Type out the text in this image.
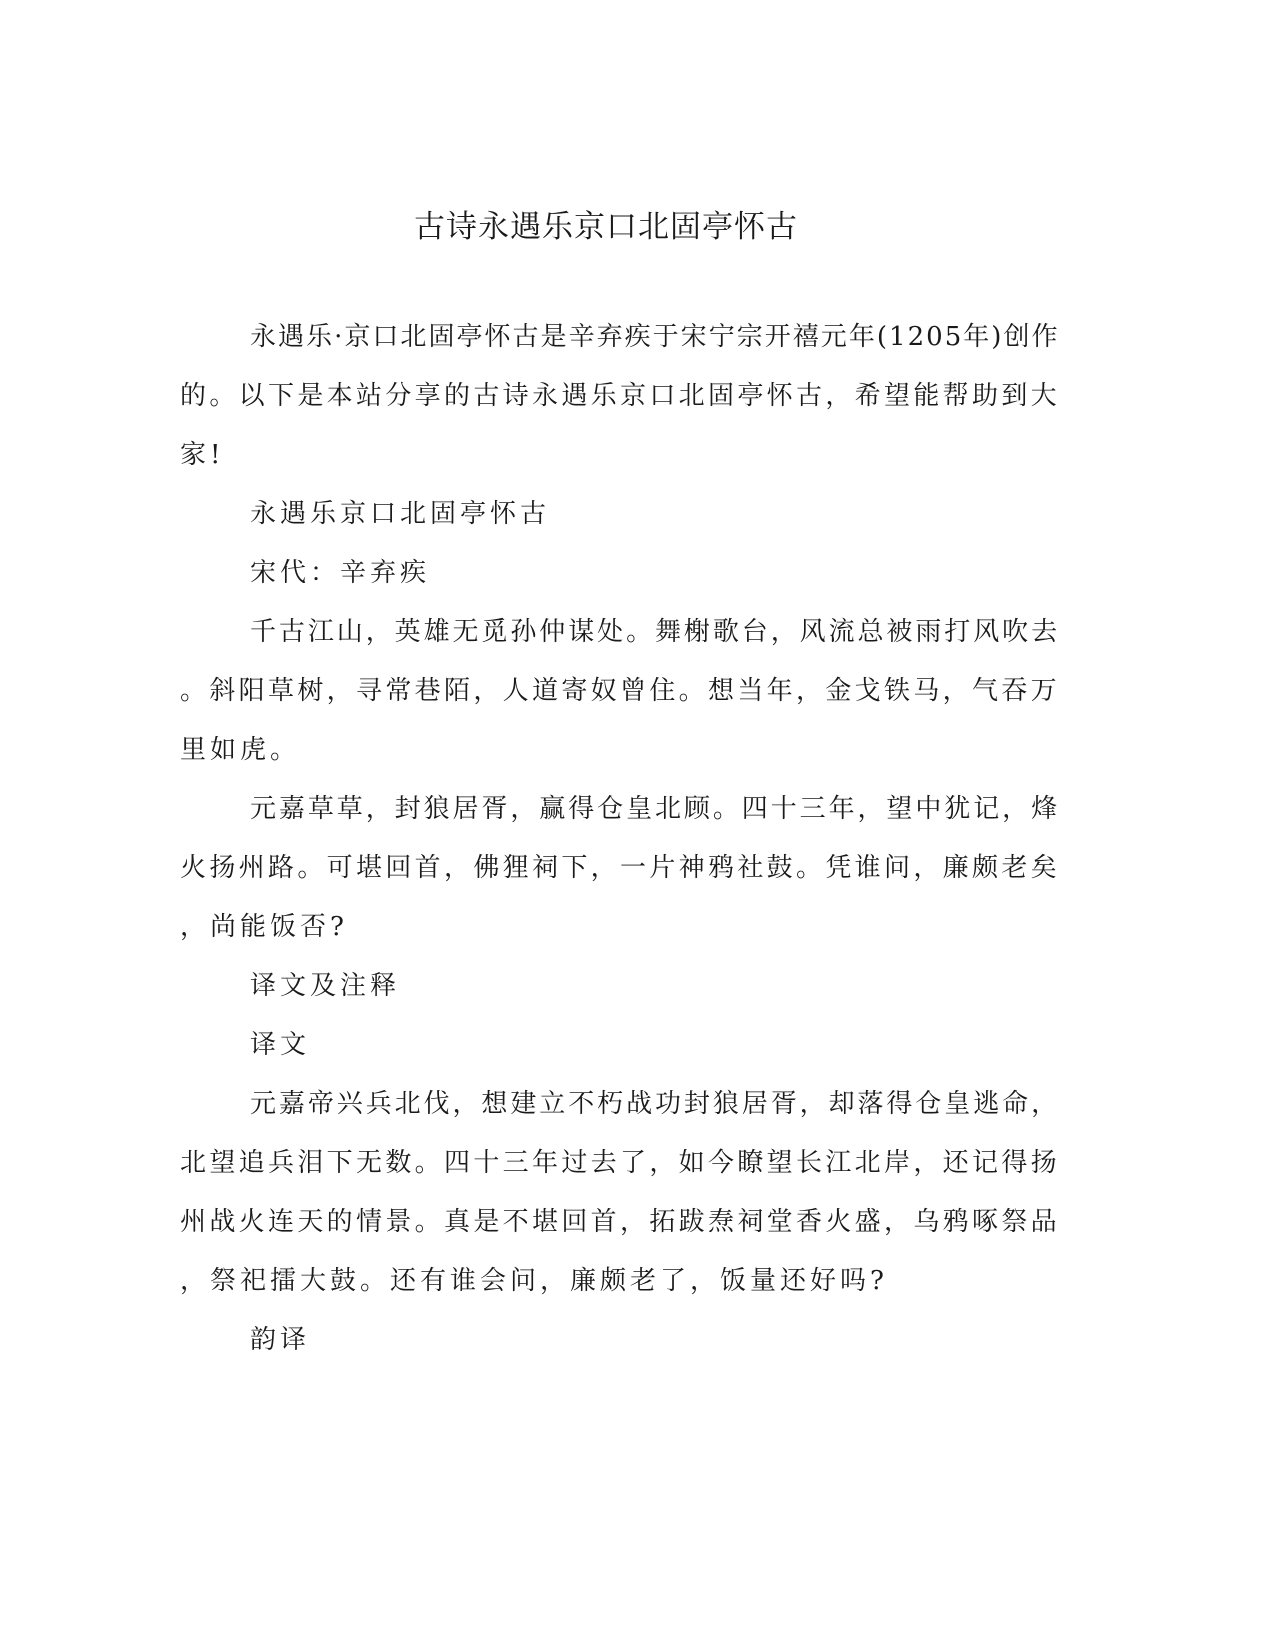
古诗永遇乐京口北固亭怀古
永遇乐·京口北固亭怀古是辛弃疾于宋宁宗开禧元年(1205年)创作
的。以下是本站分享的古诗永遇乐京口北固亭怀古，希望能帮助到大
家!
永遇乐京口北固亭怀古
宋代：辛弃疾
千古江山，英雄无觅孙仲谋处。舞榭歌台，风流总被雨打风吹去
。斜阳草树，寻常巷陌，人道寄奴曾住。想当年，金戈铁马，气吞万
里如虎。
元嘉草草，封狼居胥，赢得仓皇北顾。四十三年，望中犹记，烽
火扬州路。可堪回首，佛狸祠下，一片神鸦社鼓。凭谁问，廉颇老矣
，尚能饭否?
译文及注释
译文
元嘉帝兴兵北伐，想建立不朽战功封狼居胥，却落得仓皇逃命，
北望追兵泪下无数。四十三年过去了，如今瞭望长江北岸，还记得扬
州战火连天的情景。真是不堪回首，拓跋焘祠堂香火盛，乌鸦啄祭品
，祭祀擂大鼓。还有谁会问，廉颇老了，饭量还好吗?
韵译
